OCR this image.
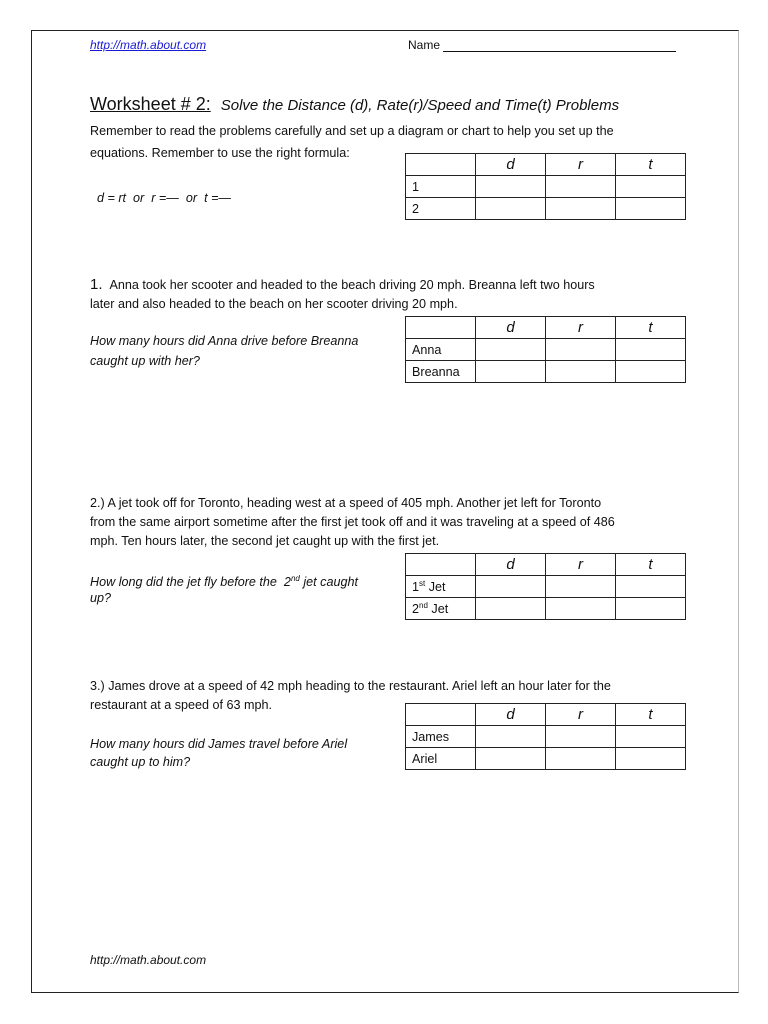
http://math.about.com	Name
Worksheet # 2: Solve the Distance (d), Rate(r)/Speed and Time(t) Problems
Remember to read the problems carefully and set up a diagram or chart to help you set up the
equations. Remember to use the right formula:
d = rt  or  r =—  or  t =—
	d	r	t
1			
2			
1. Anna took her scooter and headed to the beach driving 20 mph. Breanna left two hours
later and also headed to the beach on her scooter driving 20 mph.
How many hours did Anna drive before Breanna
caught up with her?
	d	r	t
Anna			
Breanna			
2.) A jet took off for Toronto, heading west at a speed of 405 mph. Another jet left for Toronto
from the same airport sometime after the first jet took off and it was traveling at a speed of 486
mph. Ten hours later, the second jet caught up with the first jet.
How long did the jet fly before the  2nd jet caught
up?
	d	r	t
1st Jet			
2nd Jet			
3.) James drove at a speed of 42 mph heading to the restaurant. Ariel left an hour later for the
restaurant at a speed of 63 mph.
How many hours did James travel before Ariel
caught up to him?
	d	r	t
James			
Ariel			
http://math.about.com
